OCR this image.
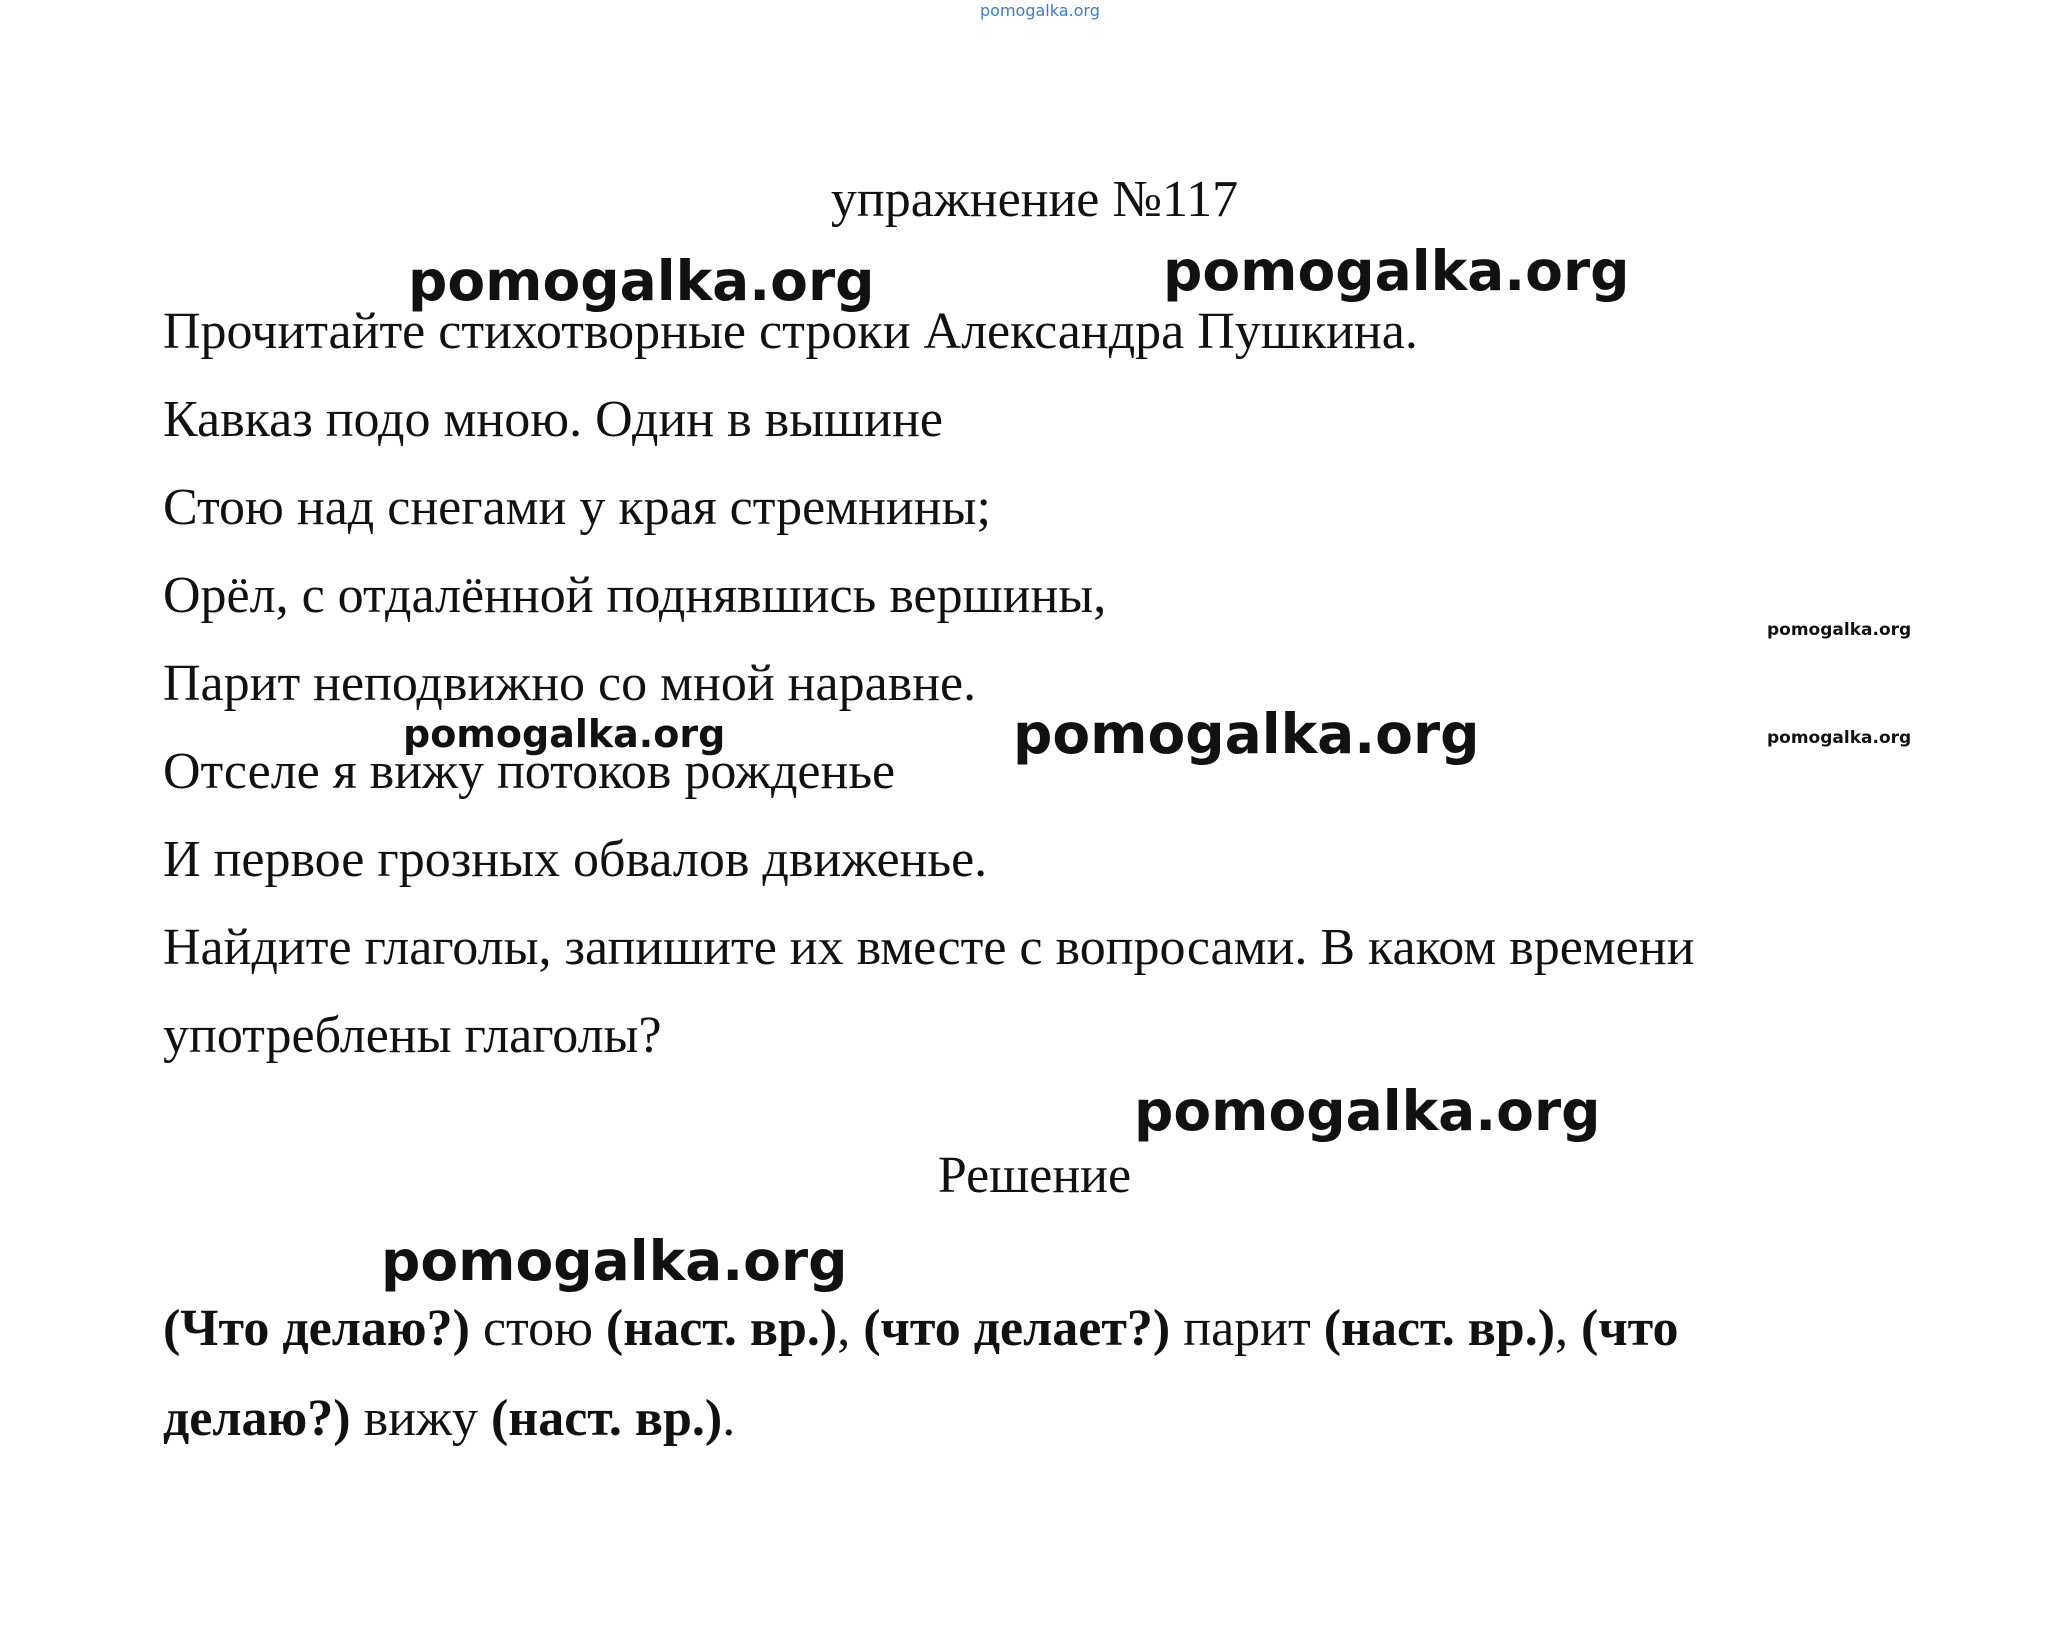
pomogalka.org
упражнение №117
Прочитайте стихотворные строки Александра Пушкина.
Кавказ подо мною. Один в вышине
Стою над снегами у края стремнины;
Орёл, с отдалённой поднявшись вершины,
Парит неподвижно со мной наравне.
Отселе я вижу потоков рожденье
И первое грозных обвалов движенье.
Найдите глаголы, запишите их вместе с вопросами. В каком времени
употреблены глаголы?
Решение
(Что делаю?) стою (наст. вр.), (что делает?) парит (наст. вр.), (что
делаю?) вижу (наст. вр.).
pomogalka.org	pomogalka.org
pomogalka.org
pomogalka.org	pomogalka.org	pomogalka.org
pomogalka.org
pomogalka.org
